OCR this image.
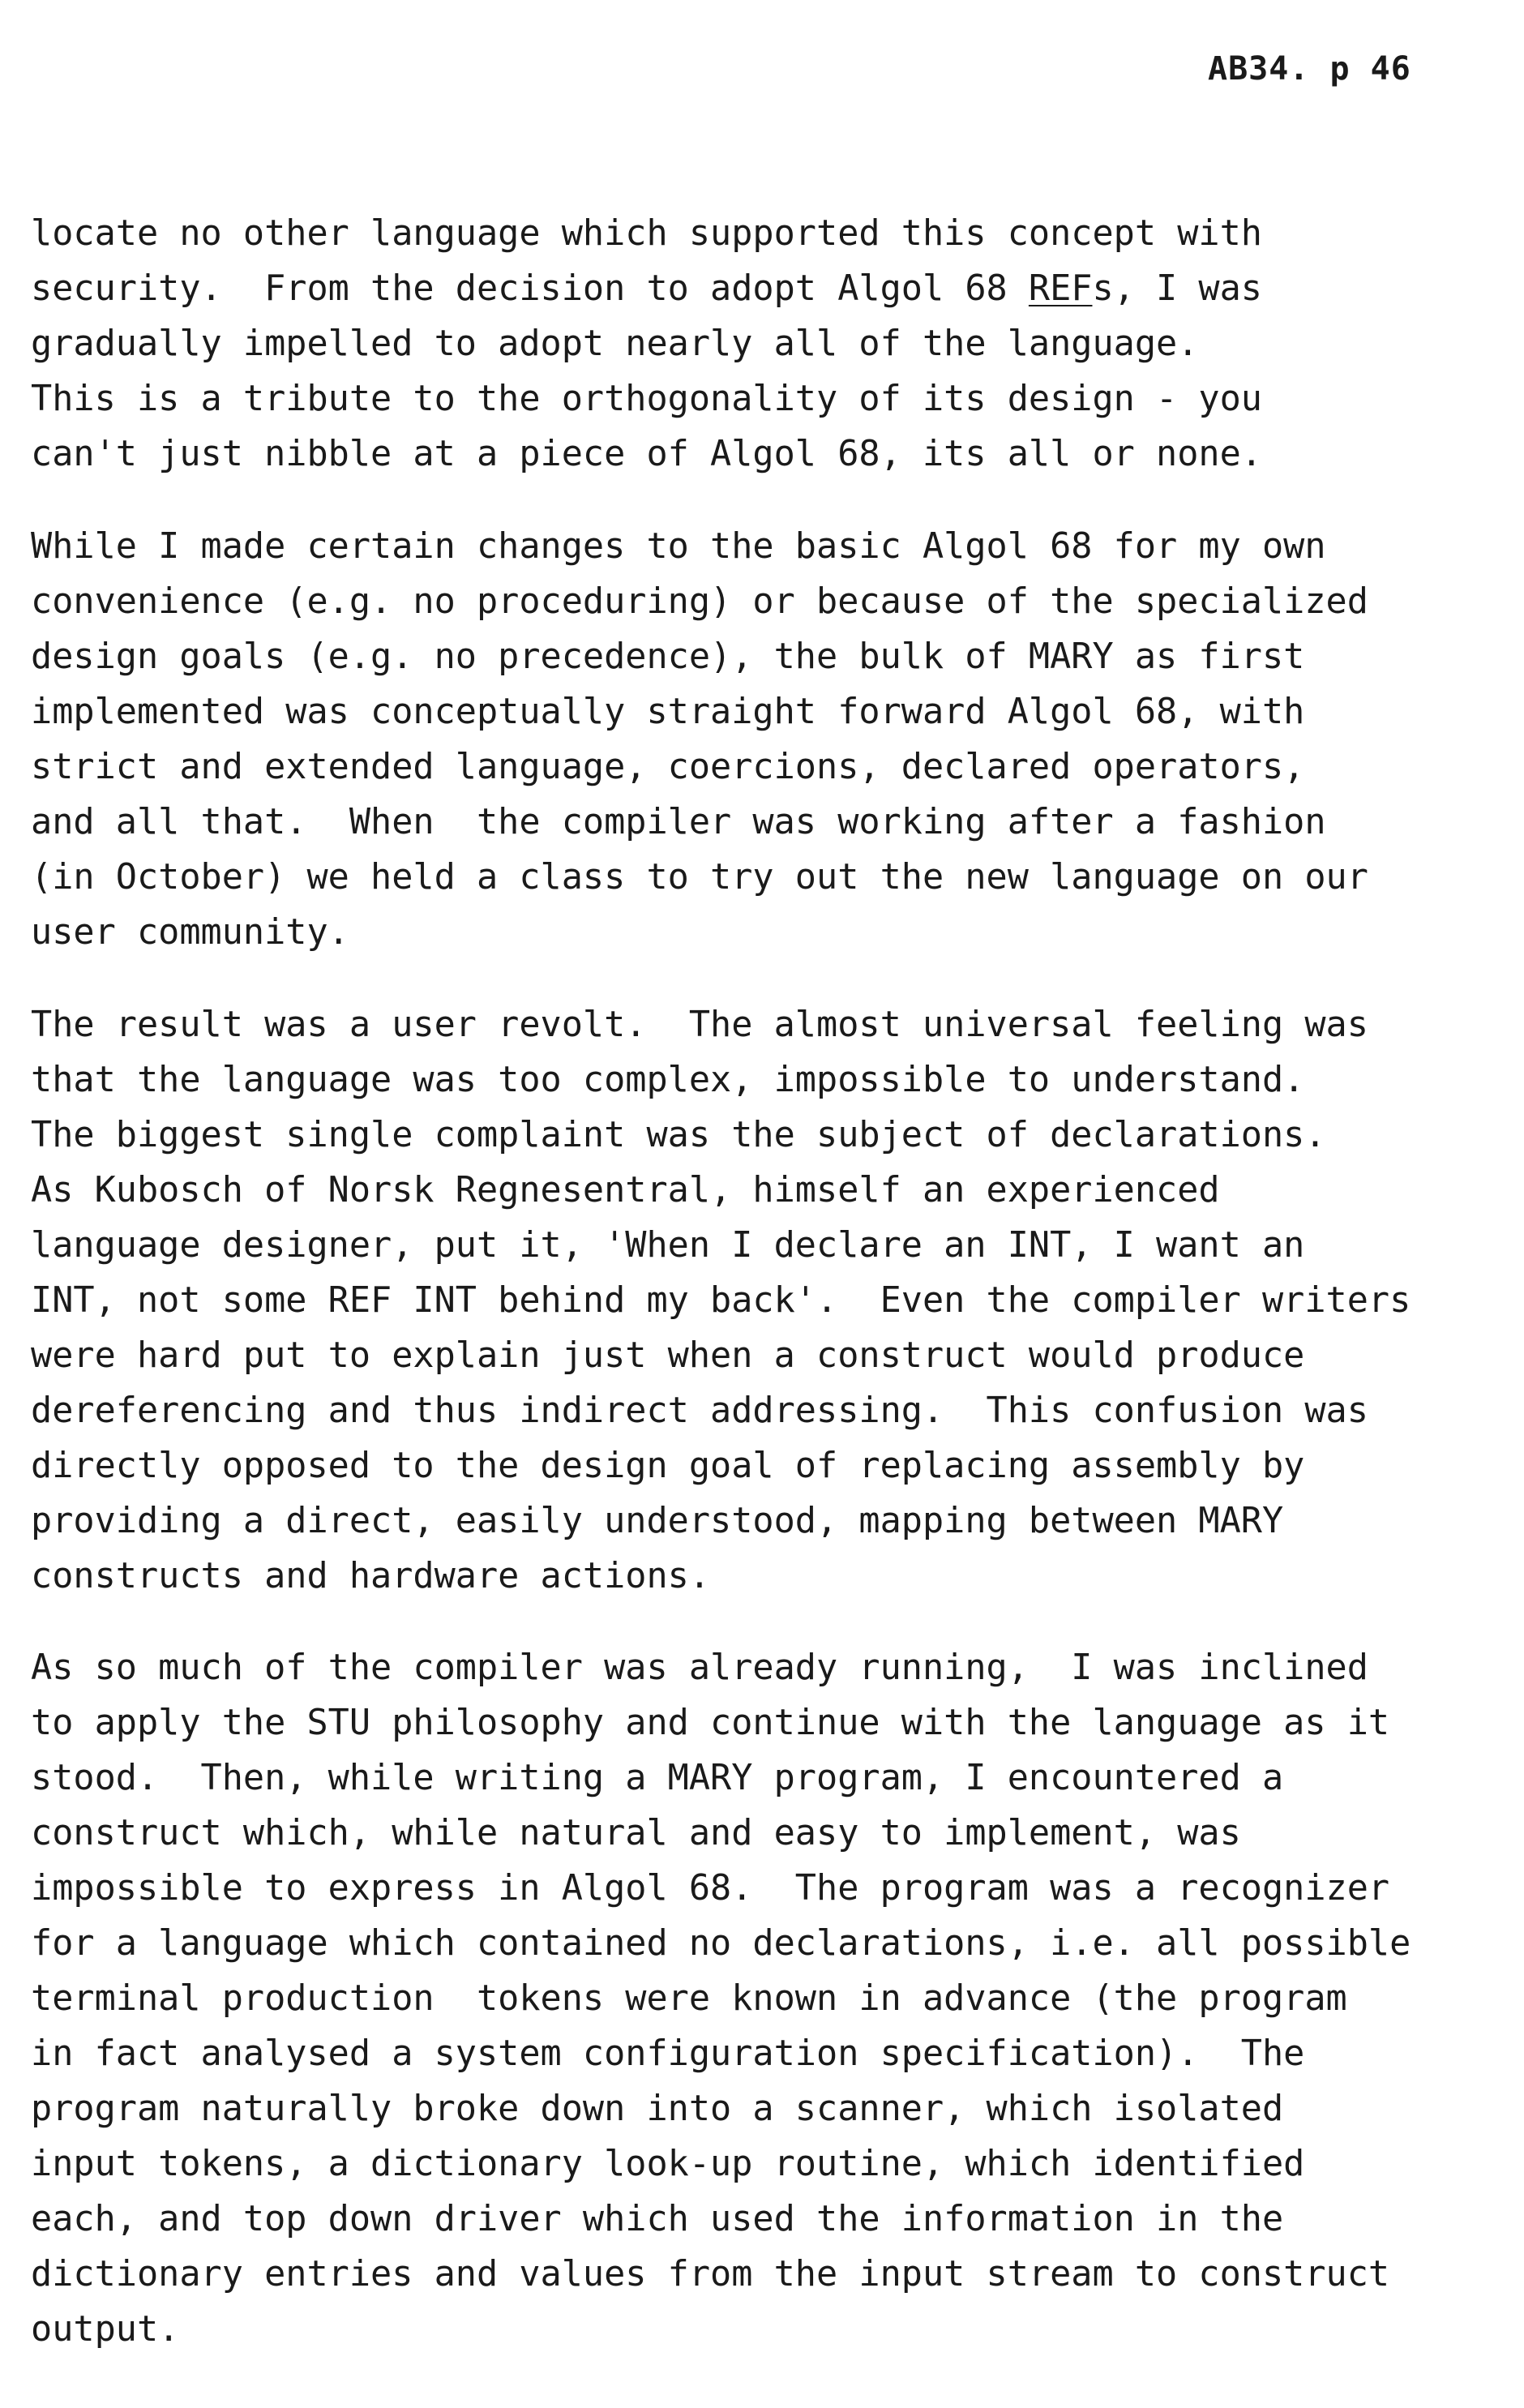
AB34. p 46
locate no other language which supported this concept with
security.  From the decision to adopt Algol 68 REFs, I was
gradually impelled to adopt nearly all of the language.
This is a tribute to the orthogonality of its design - you
can't just nibble at a piece of Algol 68, its all or none.
While I made certain changes to the basic Algol 68 for my own
convenience (e.g. no proceduring) or because of the specialized
design goals (e.g. no precedence), the bulk of MARY as first
implemented was conceptually straight forward Algol 68, with
strict and extended language, coercions, declared operators,
and all that.  When  the compiler was working after a fashion
(in October) we held a class to try out the new language on our
user community.
The result was a user revolt.  The almost universal feeling was
that the language was too complex, impossible to understand.
The biggest single complaint was the subject of declarations.
As Kubosch of Norsk Regnesentral, himself an experienced
language designer, put it, 'When I declare an INT, I want an
INT, not some REF INT behind my back'.  Even the compiler writers
were hard put to explain just when a construct would produce
dereferencing and thus indirect addressing.  This confusion was
directly opposed to the design goal of replacing assembly by
providing a direct, easily understood, mapping between MARY
constructs and hardware actions.
As so much of the compiler was already running,  I was inclined
to apply the STU philosophy and continue with the language as it
stood.  Then, while writing a MARY program, I encountered a
construct which, while natural and easy to implement, was
impossible to express in Algol 68.  The program was a recognizer
for a language which contained no declarations, i.e. all possible
terminal production  tokens were known in advance (the program
in fact analysed a system configuration specification).  The
program naturally broke down into a scanner, which isolated
input tokens, a dictionary look-up routine, which identified
each, and top down driver which used the information in the
dictionary entries and values from the input stream to construct
output.
